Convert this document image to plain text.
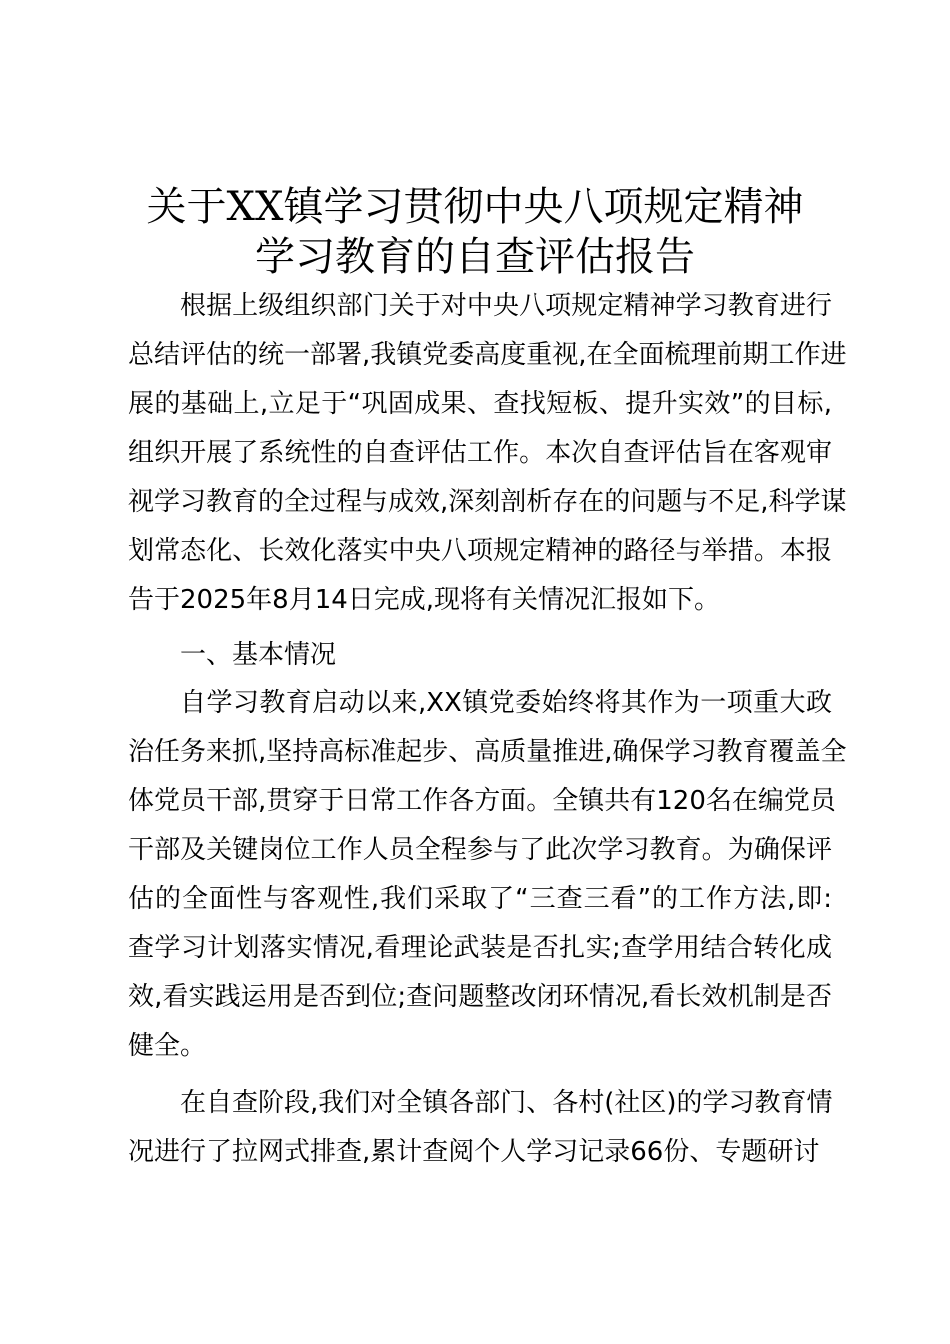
关于XX镇学习贯彻中央八项规定精神
学习教育的自查评估报告
根据上级组织部门关于对中央八项规定精神学习教育进行
总结评估的统一部署,我镇党委高度重视,在全面梳理前期工作进
展的基础上,立足于“巩固成果、查找短板、提升实效”的目标,
组织开展了系统性的自查评估工作。本次自查评估旨在客观审
视学习教育的全过程与成效,深刻剖析存在的问题与不足,科学谋
划常态化、长效化落实中央八项规定精神的路径与举措。本报
告于2025年8月14日完成,现将有关情况汇报如下。
一、基本情况
自学习教育启动以来,XX镇党委始终将其作为一项重大政
治任务来抓,坚持高标准起步、高质量推进,确保学习教育覆盖全
体党员干部,贯穿于日常工作各方面。全镇共有120名在编党员
干部及关键岗位工作人员全程参与了此次学习教育。为确保评
估的全面性与客观性,我们采取了“三查三看”的工作方法,即:
查学习计划落实情况,看理论武装是否扎实;查学用结合转化成
效,看实践运用是否到位;查问题整改闭环情况,看长效机制是否
健全。
在自查阶段,我们对全镇各部门、各村(社区)的学习教育情
况进行了拉网式排查,累计查阅个人学习记录66份、专题研讨
